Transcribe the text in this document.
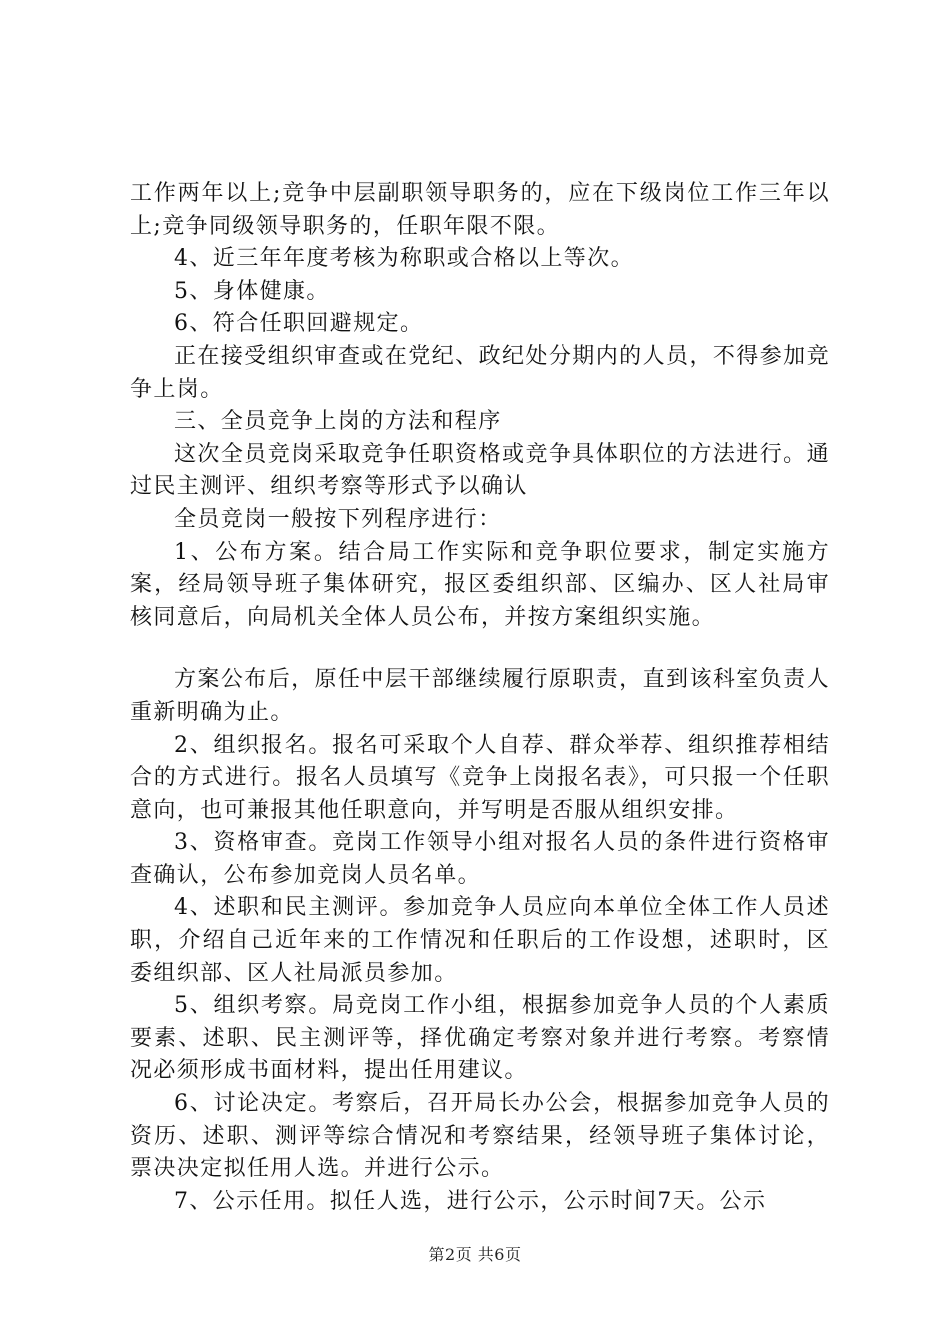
工作两年以上;竞争中层副职领导职务的，应在下级岗位工作三年以上;竞争同级领导职务的，任职年限不限。

4、近三年年度考核为称职或合格以上等次。

5、身体健康。

6、符合任职回避规定。

正在接受组织审查或在党纪、政纪处分期内的人员，不得参加竞争上岗。

三、全员竞争上岗的方法和程序

这次全员竞岗采取竞争任职资格或竞争具体职位的方法进行。通过民主测评、组织考察等形式予以确认

全员竞岗一般按下列程序进行：

1、公布方案。结合局工作实际和竞争职位要求，制定实施方案，经局领导班子集体研究，报区委组织部、区编办、区人社局审核同意后，向局机关全体人员公布，并按方案组织实施。

方案公布后，原任中层干部继续履行原职责，直到该科室负责人重新明确为止。

2、组织报名。报名可采取个人自荐、群众举荐、组织推荐相结合的方式进行。报名人员填写《竞争上岗报名表》，可只报一个任职意向，也可兼报其他任职意向，并写明是否服从组织安排。

3、资格审查。竞岗工作领导小组对报名人员的条件进行资格审查确认，公布参加竞岗人员名单。

4、述职和民主测评。参加竞争人员应向本单位全体工作人员述职，介绍自己近年来的工作情况和任职后的工作设想，述职时，区委组织部、区人社局派员参加。

5、组织考察。局竞岗工作小组，根据参加竞争人员的个人素质要素、述职、民主测评等，择优确定考察对象并进行考察。考察情况必须形成书面材料，提出任用建议。

6、讨论决定。考察后，召开局长办公会，根据参加竞争人员的资历、述职、测评等综合情况和考察结果，经领导班子集体讨论，票决决定拟任用人选。并进行公示。

7、公示任用。拟任人选，进行公示，公示时间7天。公示

第2页 共6页
